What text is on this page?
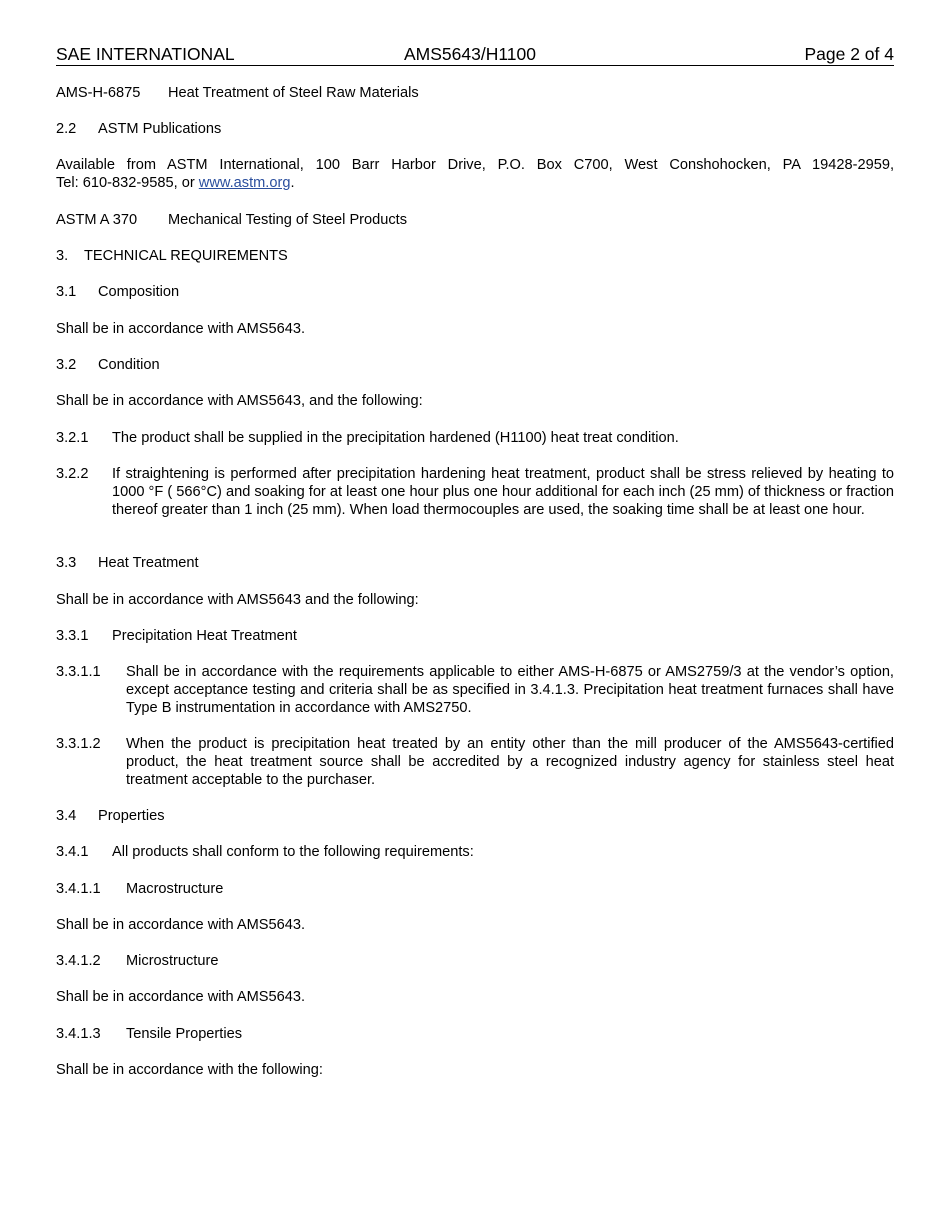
SAE INTERNATIONAL	AMS5643/H1100	Page 2 of 4
AMS-H-6875 Heat Treatment of Steel Raw Materials
2.2 ASTM Publications
Available from ASTM International, 100 Barr Harbor Drive, P.O. Box C700, West Conshohocken, PA 19428-2959,
Tel: 610-832-9585, or www.astm.org.
ASTM A 370 Mechanical Testing of Steel Products
3. TECHNICAL REQUIREMENTS
3.1 Composition
Shall be in accordance with AMS5643.
3.2 Condition
Shall be in accordance with AMS5643, and the following:
3.2.1 The product shall be supplied in the precipitation hardened (H1100) heat treat condition.
3.2.2 If straightening is performed after precipitation hardening heat treatment, product shall be stress relieved by heating to 1000 °F ( 566°C) and soaking for at least one hour plus one hour additional for each inch (25 mm) of thickness or fraction thereof greater than 1 inch (25 mm). When load thermocouples are used, the soaking time shall be at least one hour.
3.3 Heat Treatment
Shall be in accordance with AMS5643 and the following:
3.3.1 Precipitation Heat Treatment
3.3.1.1 Shall be in accordance with the requirements applicable to either AMS-H-6875 or AMS2759/3 at the vendor’s option, except acceptance testing and criteria shall be as specified in 3.4.1.3. Precipitation heat treatment furnaces shall have Type B instrumentation in accordance with AMS2750.
3.3.1.2 When the product is precipitation heat treated by an entity other than the mill producer of the AMS5643-certified product, the heat treatment source shall be accredited by a recognized industry agency for stainless steel heat treatment acceptable to the purchaser.
3.4 Properties
3.4.1 All products shall conform to the following requirements:
3.4.1.1 Macrostructure
Shall be in accordance with AMS5643.
3.4.1.2 Microstructure
Shall be in accordance with AMS5643.
3.4.1.3 Tensile Properties
Shall be in accordance with the following:
